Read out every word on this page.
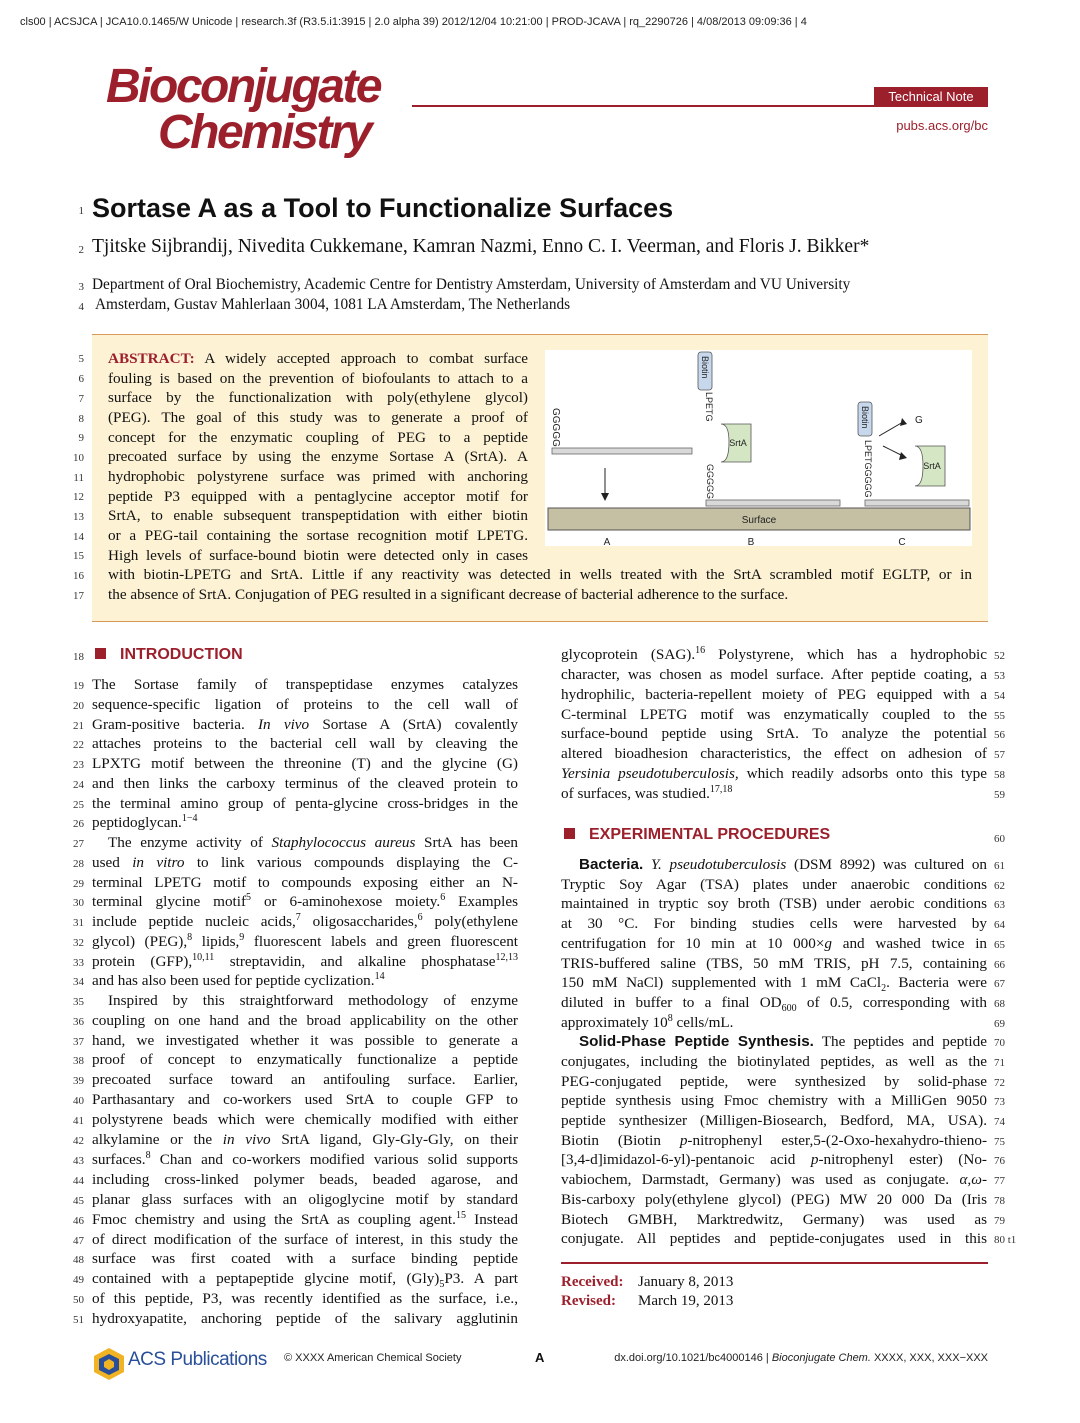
cls00 | ACSJCA | JCA10.0.1465/W Unicode | research.3f (R3.5.i1:3915 | 2.0 alpha 39) 2012/12/04 10:21:00 | PROD-JCAVA | rq_2290726 | 4/08/2013 09:09:36 | 4
Bioconjugate
Chemistry
Technical Note
pubs.acs.org/bc
1 Sortase A as a Tool to Functionalize Surfaces
2 Tjitske Sijbrandij, Nivedita Cukkemane, Kamran Nazmi, Enno C. I. Veerman, and Floris J. Bikker*
3 Department of Oral Biochemistry, Academic Centre for Dentistry Amsterdam, University of Amsterdam and VU University
4 Amsterdam, Gustav Mahlerlaan 3004, 1081 LA Amsterdam, The Netherlands
5 ABSTRACT: A widely accepted approach to combat surface
6 fouling is based on the prevention of biofoulants to attach to a
7 surface by the functionalization with poly(ethylene glycol)
8 (PEG). The goal of this study was to generate a proof of
9 concept for the enzymatic coupling of PEG to a peptide
10 precoated surface by using the enzyme Sortase A (SrtA). A
11 hydrophobic polystyrene surface was primed with anchoring
12 peptide P3 equipped with a pentaglycine acceptor motif for
13 SrtA, to enable subsequent transpeptidation with either biotin
14 or a PEG-tail containing the sortase recognition motif LPETG.
15 High levels of surface-bound biotin were detected only in cases
16 with biotin-LPETG and SrtA. Little if any reactivity was detected in wells treated with the SrtA scrambled motif EGLTP, or in
17 the absence of SrtA. Conjugation of PEG resulted in a significant decrease of bacterial adherence to the surface.
Surface
GGGGG
A
Biotin
LPETG
SrtA
GGGGG
B
Biotin
LPETGGGGG
G
SrtA
C
18	INTRODUCTION
19 The Sortase family of transpeptidase enzymes catalyzes
20 sequence-specific ligation of proteins to the cell wall of
21 Gram-positive bacteria. In vivo Sortase A (SrtA) covalently
22 attaches proteins to the bacterial cell wall by cleaving the
23 LPXTG motif between the threonine (T) and the glycine (G)
24 and then links the carboxy terminus of the cleaved protein to
25 the terminal amino group of penta-glycine cross-bridges in the
26 peptidoglycan.$^{1-4}$
27 The enzyme activity of Staphylococcus aureus SrtA has been
28 used in vitro to link various compounds displaying the C-
29 terminal LPETG motif to compounds exposing either an N-
30 terminal glycine motif$^5$ or 6-aminohexose moiety.$^6$ Examples
31 include peptide nucleic acids,$^7$ oligosaccharides,$^6$ poly(ethylene
32 glycol) (PEG),$^8$ lipids,$^9$ fluorescent labels and green fluorescent
33 protein (GFP),$^{10,11}$ streptavidin, and alkaline phosphatase$^{12,13}$
34 and has also been used for peptide cyclization.$^{14}$
35 Inspired by this straightforward methodology of enzyme
36 coupling on one hand and the broad applicability on the other
37 hand, we investigated whether it was possible to generate a
38 proof of concept to enzymatically functionalize a peptide
39 precoated surface toward an antifouling surface. Earlier,
40 Parthasantary and co-workers used SrtA to couple GFP to
41 polystyrene beads which were chemically modified with either
42 alkylamine or the in vivo SrtA ligand, Gly-Gly-Gly, on their
43 surfaces.$^8$ Chan and co-workers modified various solid supports
44 including cross-linked polymer beads, beaded agarose, and
45 planar glass surfaces with an oligoglycine motif by standard
46 Fmoc chemistry and using the SrtA as coupling agent.$^{15}$ Instead
47 of direct modification of the surface of interest, in this study the
48 surface was first coated with a surface binding peptide
49 contained with a peptapeptide glycine motif, $(Gly)_5P3$. A part
50 of this peptide, P3, was recently identified as the surface, i.e.,
51 hydroxyapatite, anchoring peptide of the salivary agglutinin
glycoprotein (SAG).$^{16}$ Polystyrene, which has a hydrophobic 52
character, was chosen as model surface. After peptide coating, a 53
hydrophilic, bacteria-repellent moiety of PEG equipped with a 54
C-terminal LPETG motif was enzymatically coupled to the 55
surface-bound peptide using SrtA. To analyze the potential 56
altered bioadhesion characteristics, the effect on adhesion of 57
Yersinia pseudotuberculosis, which readily adsorbs onto this type 58
of surfaces, was studied.$^{17,18}$	59
EXPERIMENTAL PROCEDURES	60
Bacteria. Y. pseudotuberculosis (DSM 8992) was cultured on 61
Tryptic Soy Agar (TSA) plates under anaerobic conditions 62
maintained in tryptic soy broth (TSB) under aerobic conditions 63
at 30 °C. For binding studies cells were harvested by 64
centrifugation for 10 min at 10 000×g and washed twice in 65
TRIS-buffered saline (TBS, 50 mM TRIS, pH 7.5, containing 66
150 mM NaCl) supplemented with 1 mM CaCl$_2$. Bacteria were 67
diluted in buffer to a final $OD_{600}$ of 0.5, corresponding with 68
approximately $10^8$ cells/mL.	69
Solid-Phase Peptide Synthesis. The peptides and peptide 70
conjugates, including the biotinylated peptides, as well as the 71
PEG-conjugated peptide, were synthesized by solid-phase 72
peptide synthesis using Fmoc chemistry with a MilliGen 9050 73
peptide synthesizer (Milligen-Biosearch, Bedford, MA, USA). 74
Biotin (Biotin p-nitrophenyl ester,5-(2-Oxo-hexahydro-thieno- 75
[3,4-d]imidazol-6-yl)-pentanoic acid p-nitrophenyl ester) (No- 76
vabiochem, Darmstadt, Germany) was used as conjugate. α,ω- 77
Bis-carboxy poly(ethylene glycol) (PEG) MW 20 000 Da (Iris 78
Biotech GMBH, Marktredwitz, Germany) was used as 79
conjugate. All peptides and peptide-conjugates used in this 80 t1
Received: January 8, 2013
Revised: March 19, 2013
ACS Publications © XXXX American Chemical Society	A	dx.doi.org/10.1021/bc4000146 | Bioconjugate Chem. XXXX, XXX, XXX−XXX
